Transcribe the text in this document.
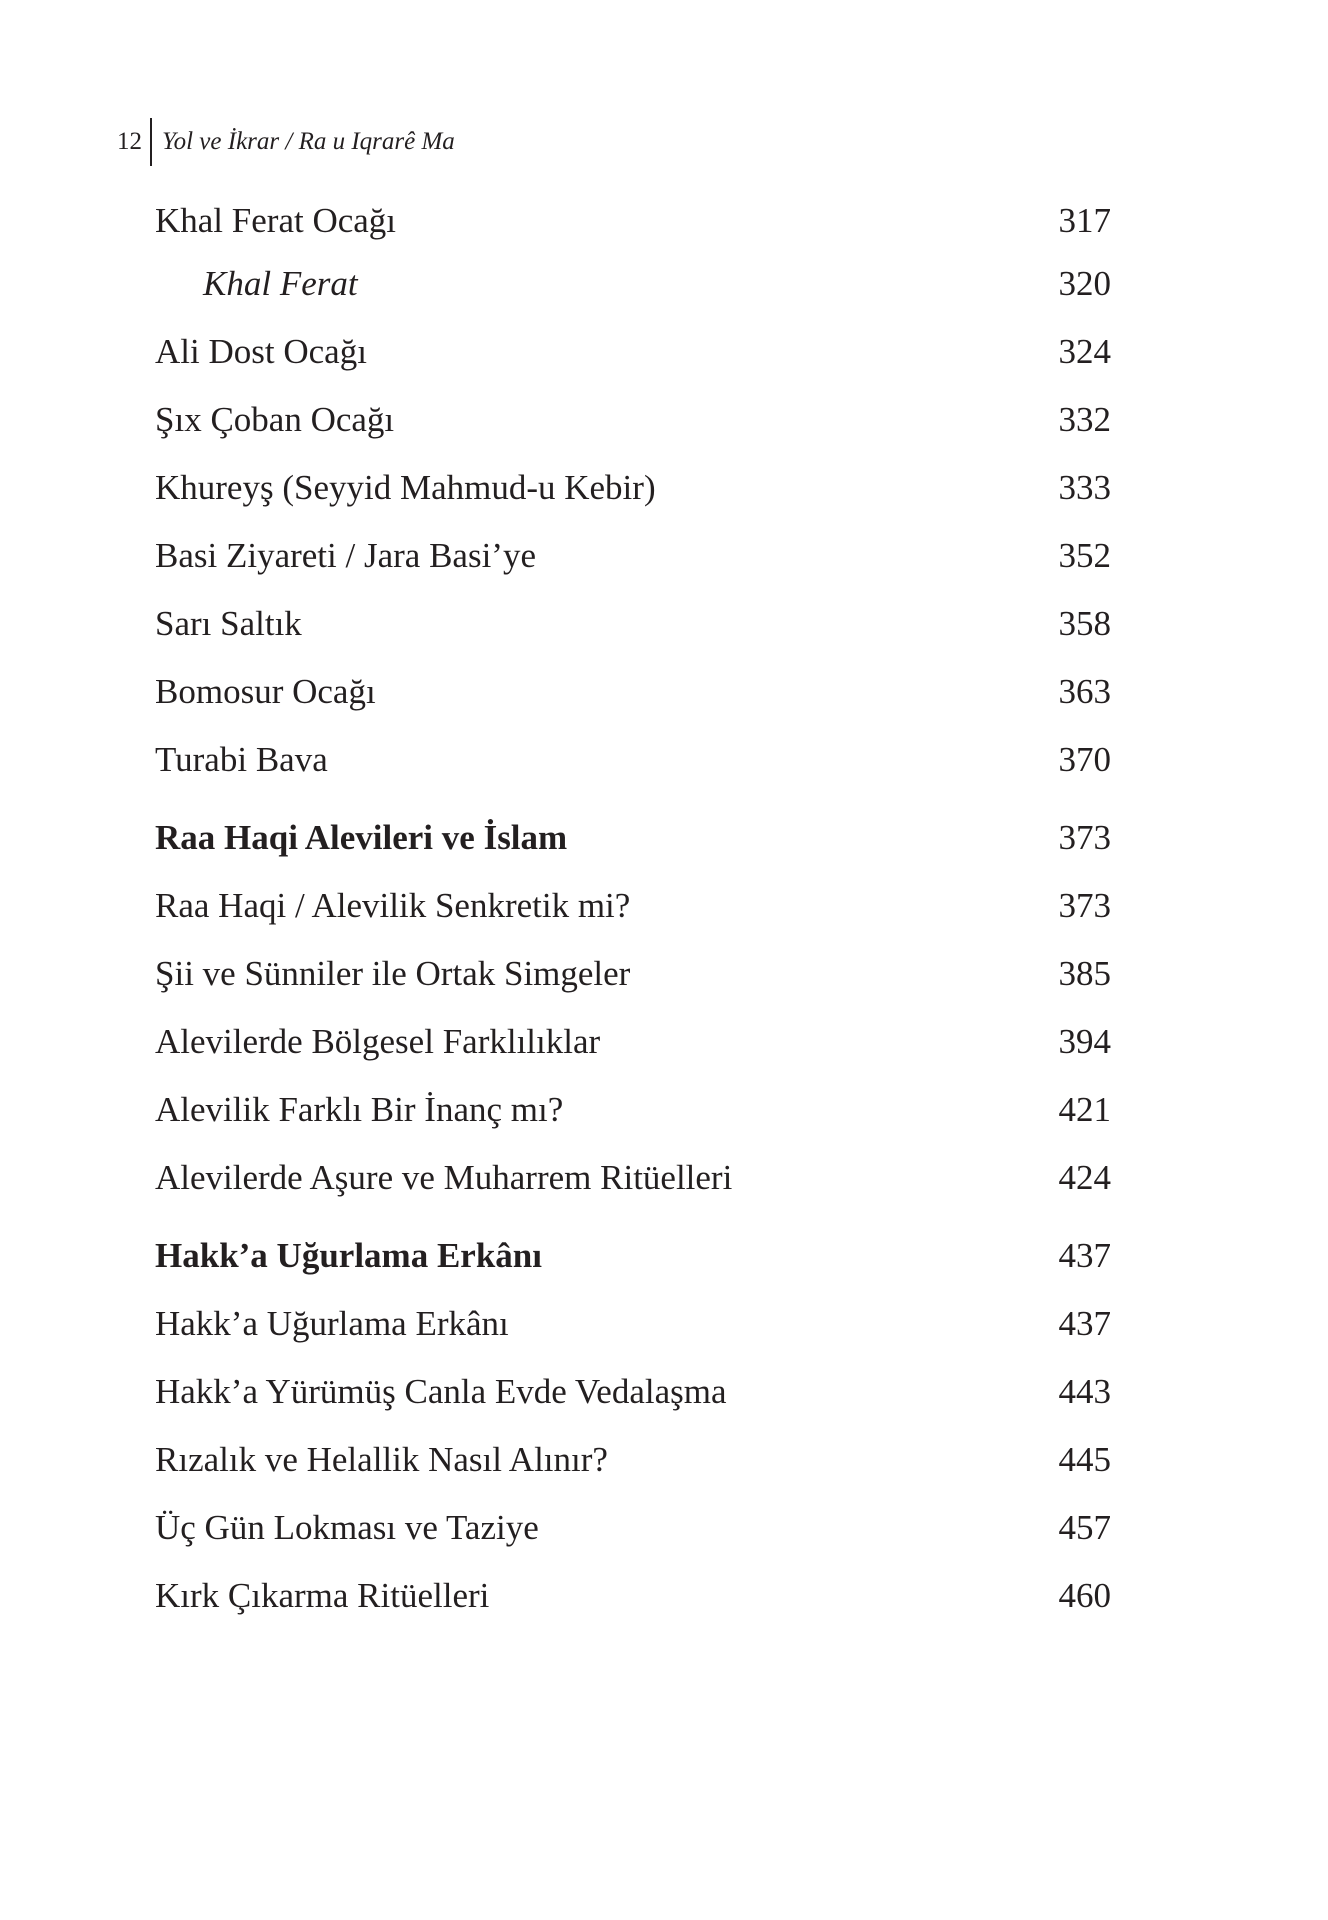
12 Yol ve İkrar / Ra u Iqrarê Ma
Khal Ferat Ocağı	317
Khal Ferat	320
Ali Dost Ocağı	324
Şıx Çoban Ocağı	332
Khureyş (Seyyid Mahmud-u Kebir)	333
Basi Ziyareti / Jara Basi’ye	352
Sarı Saltık	358
Bomosur Ocağı	363
Turabi Bava	370
Raa Haqi Alevileri ve İslam	373
Raa Haqi / Alevilik Senkretik mi?	373
Şii ve Sünniler ile Ortak Simgeler	385
Alevilerde Bölgesel Farklılıklar	394
Alevilik Farklı Bir İnanç mı?	421
Alevilerde Aşure ve Muharrem Ritüelleri	424
Hakk’a Uğurlama Erkânı	437
Hakk’a Uğurlama Erkânı	437
Hakk’a Yürümüş Canla Evde Vedalaşma	443
Rızalık ve Helallik Nasıl Alınır?	445
Üç Gün Lokması ve Taziye	457
Kırk Çıkarma Ritüelleri	460
